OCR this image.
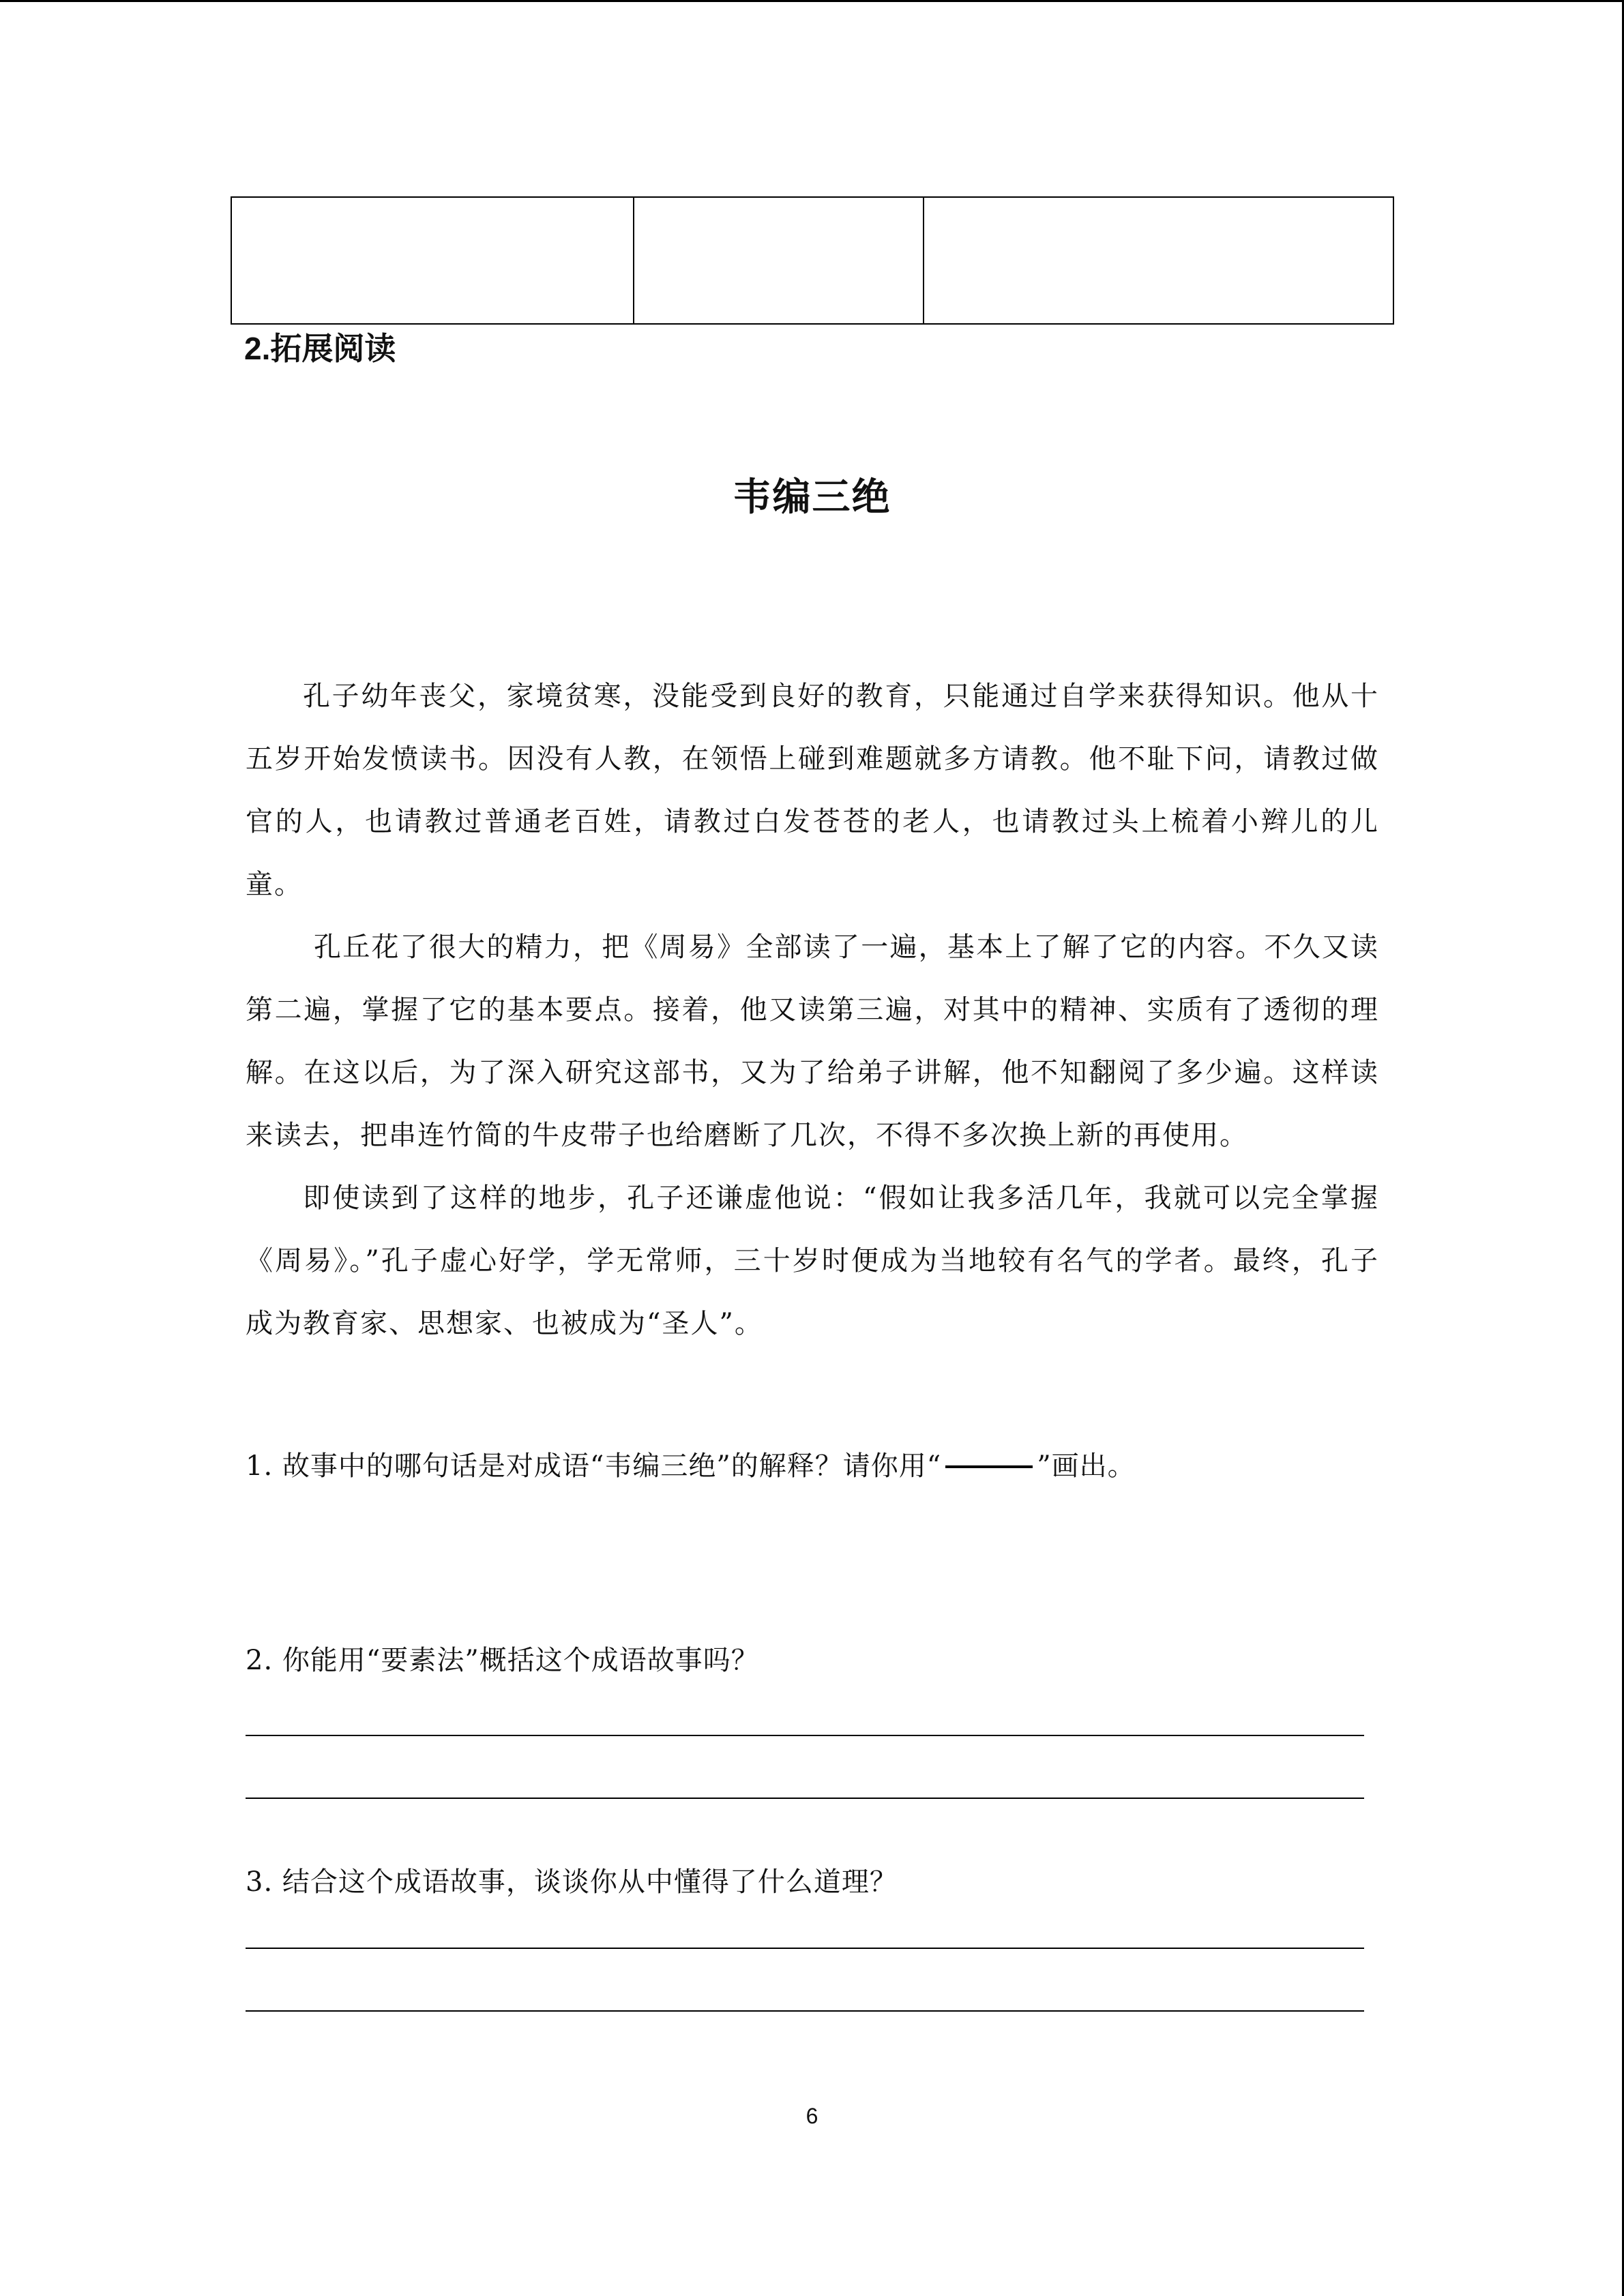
2.拓展阅读
韦编三绝

孔子幼年丧父，家境贫寒，没能受到良好的教育，只能通过自学来获得知识。他从十五岁开始发愤读书。因没有人教，在领悟上碰到难题就多方请教。他不耻下问，请教过做官的人，也请教过普通老百姓，请教过白发苍苍的老人，也请教过头上梳着小辫儿的儿童。

孔丘花了很大的精力，把《周易》全部读了一遍，基本上了解了它的内容。不久又读第二遍，掌握了它的基本要点。接着，他又读第三遍，对其中的精神、实质有了透彻的理解。在这以后，为了深入研究这部书，又为了给弟子讲解，他不知翻阅了多少遍。这样读来读去，把串连竹简的牛皮带子也给磨断了几次，不得不多次换上新的再使用。

即使读到了这样的地步，孔子还谦虚他说：“假如让我多活几年，我就可以完全掌握《周易》。”孔子虚心好学，学无常师，三十岁时便成为当地较有名气的学者。最终，孔子成为教育家、思想家、也被成为“圣人”。

1. 故事中的哪句话是对成语“韦编三绝”的解释？请你用“	”画出。

2. 你能用“要素法”概括这个成语故事吗？

3. 结合这个成语故事，谈谈你从中懂得了什么道理？

6
